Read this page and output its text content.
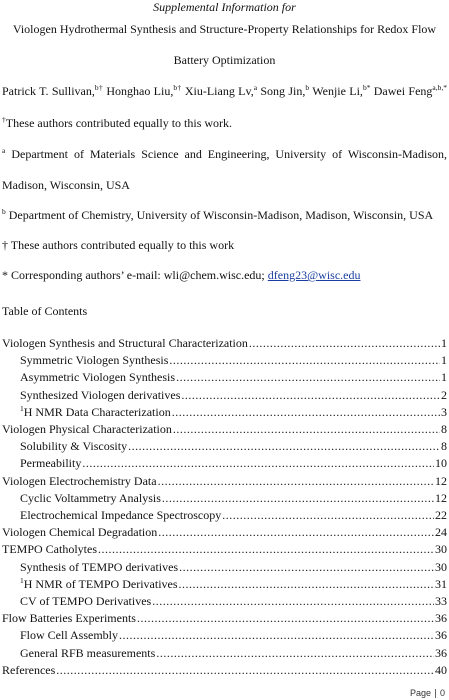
Supplemental Information for
Viologen Hydrothermal Synthesis and Structure-Property Relationships for Redox Flow
Battery Optimization
Patrick T. Sullivan,$^{b\dagger}$ Honghao Liu,$^{b\dagger}$ Xiu-Liang Lv,$^a$ Song Jin,$^b$ Wenjie Li,$^{b*}$ Dawei Feng$^{a,b,*}$
†These authors contributed equally to this work.
$^a$ Department of Materials Science and Engineering, University of Wisconsin-Madison,
Madison, Wisconsin, USA
$^b$ Department of Chemistry, University of Wisconsin-Madison, Madison, Wisconsin, USA
† These authors contributed equally to this work
* Corresponding authors’ e-mail: wli@chem.wisc.edu; dfeng23@wisc.edu
Table of Contents
Viologen Synthesis and Structural Characterization .....	1
Symmetric Viologen Synthesis .....	1
Asymmetric Viologen Synthesis .....	1
Synthesized Viologen derivatives .....	2
$^1$H NMR Data Characterization .....	3
Viologen Physical Characterization .....	8
Solubility & Viscosity .....	8
Permeability .....	10
Viologen Electrochemistry Data .....	12
Cyclic Voltammetry Analysis .....	12
Electrochemical Impedance Spectroscopy .....	22
Viologen Chemical Degradation .....	24
TEMPO Catholytes .....	30
Synthesis of TEMPO derivatives .....	30
$^1$H NMR of TEMPO Derivatives .....	31
CV of TEMPO Derivatives .....	33
Flow Batteries Experiments .....	36
Flow Cell Assembly .....	36
General RFB measurements .....	36
References .....	40
Page 0
